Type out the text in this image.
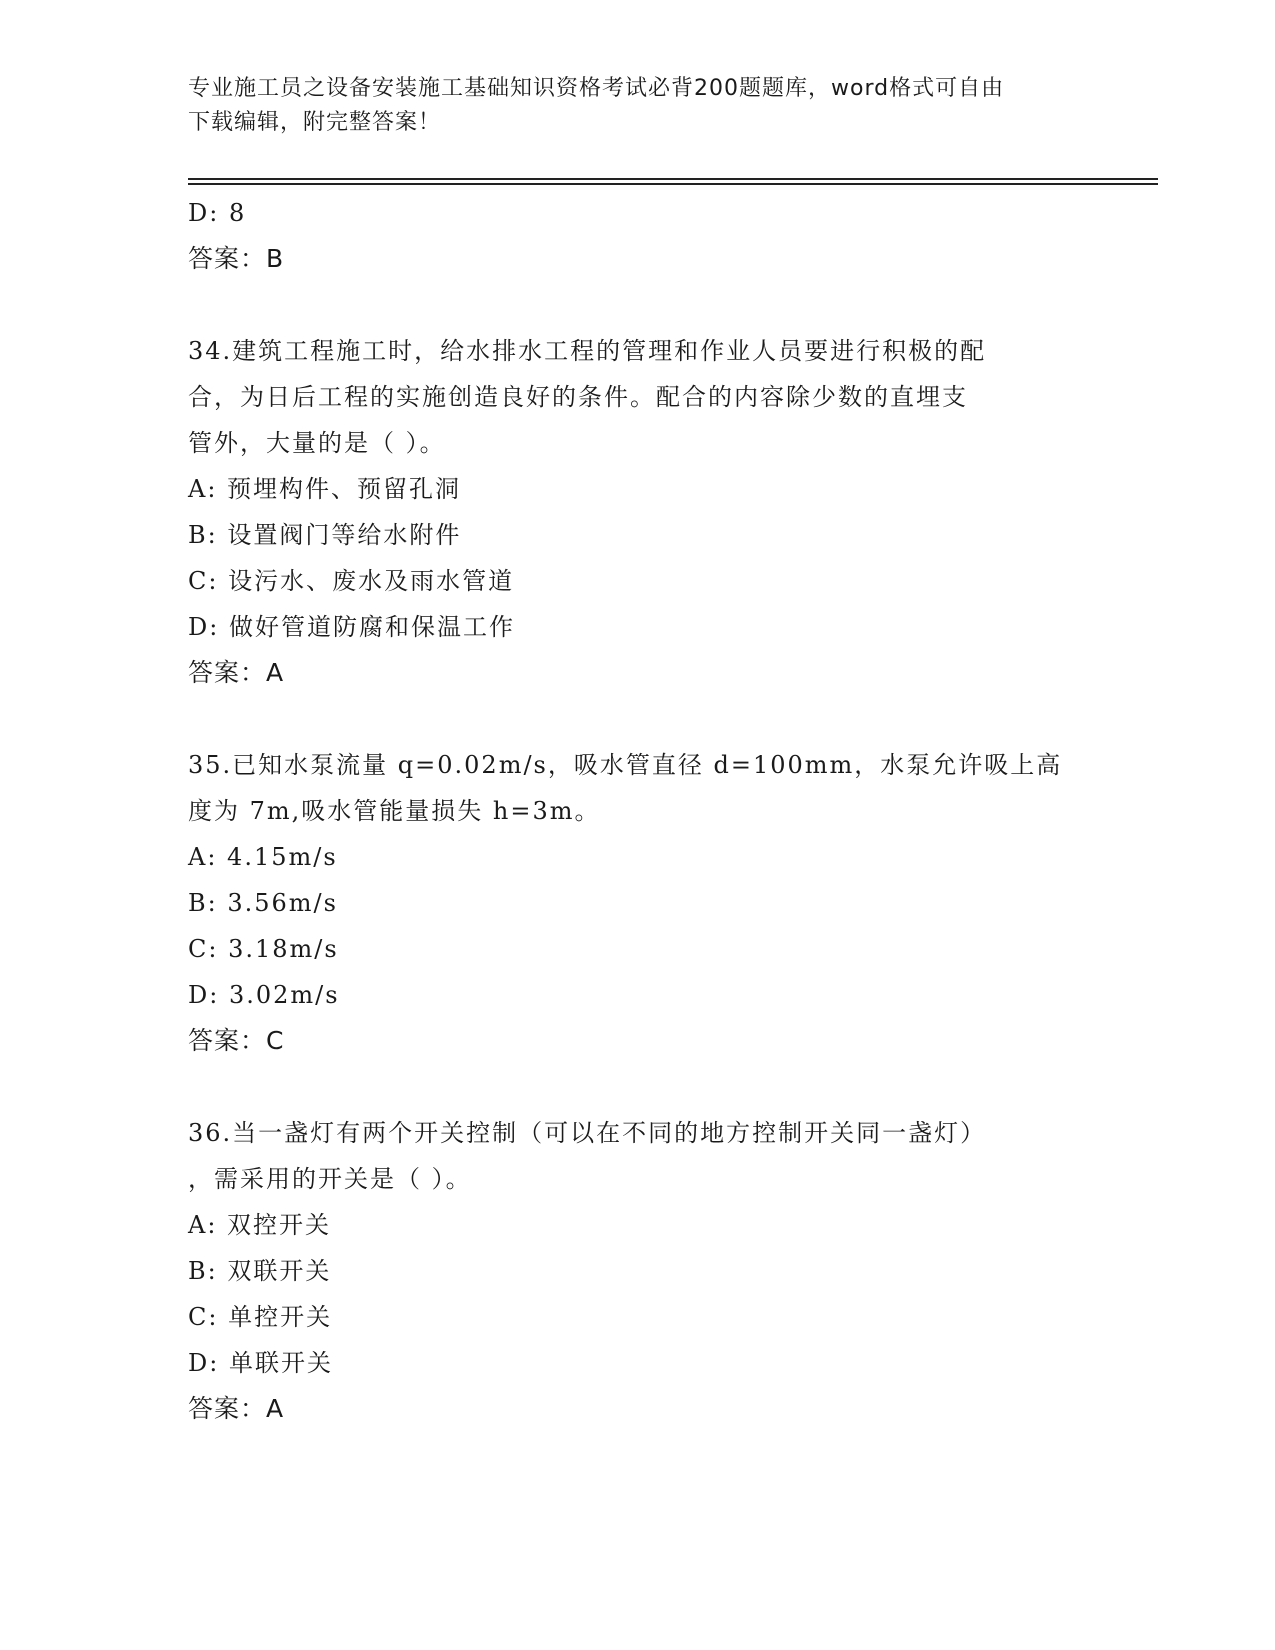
专业施工员之设备安装施工基础知识资格考试必背200题题库，word格式可自由
下载编辑，附完整答案！
D: 8
答案：B
34.建筑工程施工时，给水排水工程的管理和作业人员要进行积极的配
合，为日后工程的实施创造良好的条件。配合的内容除少数的直埋支
管外，大量的是（ ）。
A: 预埋构件、预留孔洞
B: 设置阀门等给水附件
C: 设污水、废水及雨水管道
D: 做好管道防腐和保温工作
答案：A
35.已知水泵流量 q=0.02m/s，吸水管直径 d=100mm，水泵允许吸上高
度为 7m,吸水管能量损失 h=3m。
A: 4.15m/s
B: 3.56m/s
C: 3.18m/s
D: 3.02m/s
答案：C
36.当一盏灯有两个开关控制（可以在不同的地方控制开关同一盏灯）
，需采用的开关是（ ）。
A: 双控开关
B: 双联开关
C: 单控开关
D: 单联开关
答案：A
